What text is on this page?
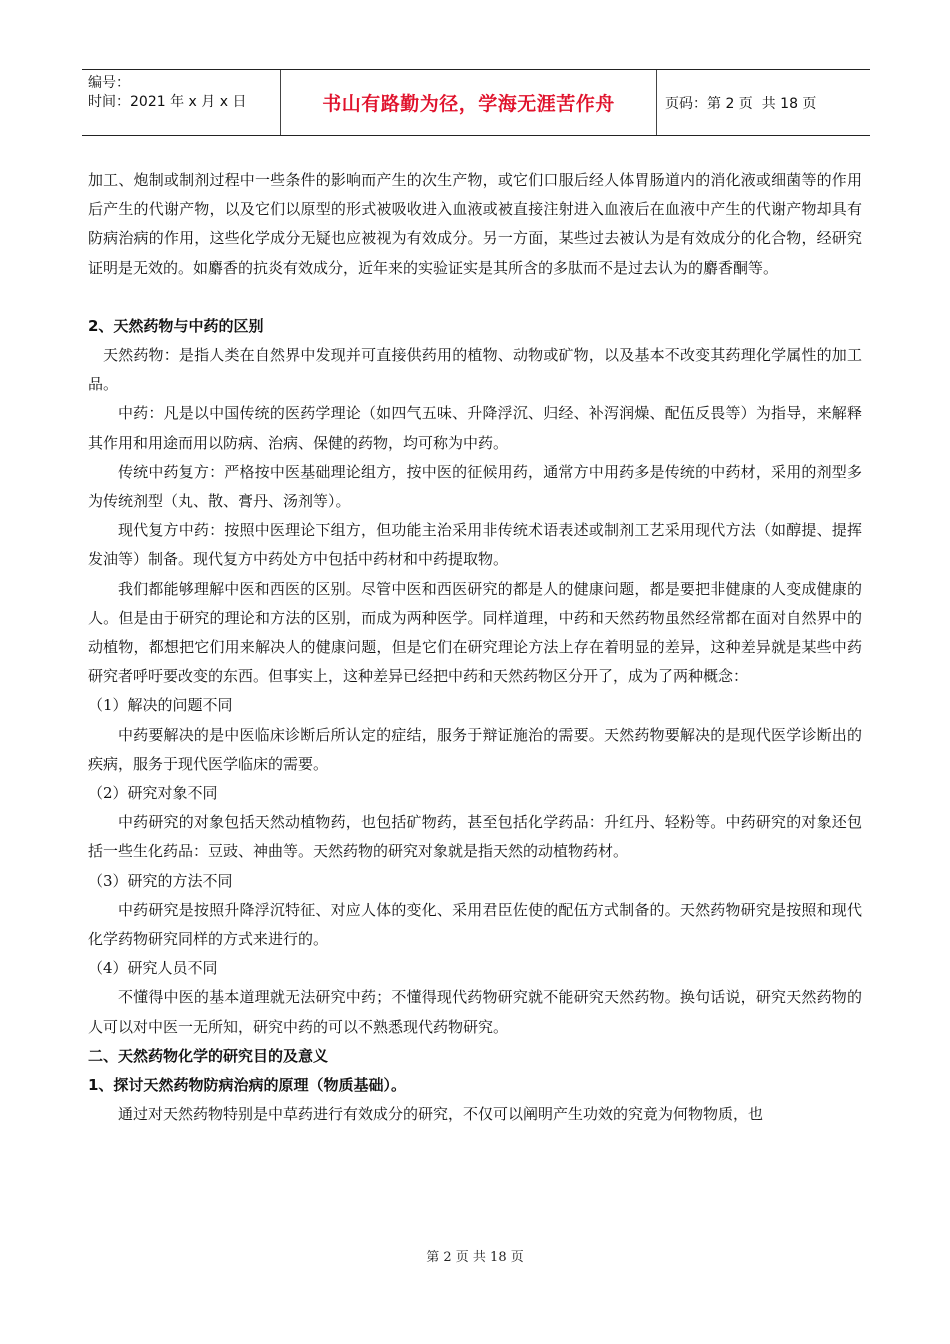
编号：
时间：2021 年 x 月 x 日	书山有路勤为径，学海无涯苦作舟	页码：第 2 页  共 18 页

加工、炮制或制剂过程中一些条件的影响而产生的次生产物，或它们口服后经人体胃肠道内的消化液或细菌等的作用后产生的代谢产物，以及它们以原型的形式被吸收进入血液或被直接注射进入血液后在血液中产生的代谢产物却具有防病治病的作用，这些化学成分无疑也应被视为有效成分。另一方面，某些过去被认为是有效成分的化合物，经研究证明是无效的。如麝香的抗炎有效成分，近年来的实验证实是其所含的多肽而不是过去认为的麝香酮等。

2、天然药物与中药的区别

天然药物：是指人类在自然界中发现并可直接供药用的植物、动物或矿物，以及基本不改变其药理化学属性的加工品。

中药：凡是以中国传统的医药学理论（如四气五味、升降浮沉、归经、补泻润燥、配伍反畏等）为指导，来解释其作用和用途而用以防病、治病、保健的药物，均可称为中药。

传统中药复方：严格按中医基础理论组方，按中医的征候用药，通常方中用药多是传统的中药材，采用的剂型多为传统剂型（丸、散、膏丹、汤剂等）。

现代复方中药：按照中医理论下组方，但功能主治采用非传统术语表述或制剂工艺采用现代方法（如醇提、提挥发油等）制备。现代复方中药处方中包括中药材和中药提取物。

我们都能够理解中医和西医的区别。尽管中医和西医研究的都是人的健康问题，都是要把非健康的人变成健康的人。但是由于研究的理论和方法的区别，而成为两种医学。同样道理，中药和天然药物虽然经常都在面对自然界中的动植物，都想把它们用来解决人的健康问题，但是它们在研究理论方法上存在着明显的差异，这种差异就是某些中药研究者呼吁要改变的东西。但事实上，这种差异已经把中药和天然药物区分开了，成为了两种概念：

（1）解决的问题不同

中药要解决的是中医临床诊断后所认定的症结，服务于辩证施治的需要。天然药物要解决的是现代医学诊断出的疾病，服务于现代医学临床的需要。

（2）研究对象不同

中药研究的对象包括天然动植物药，也包括矿物药，甚至包括化学药品：升红丹、轻粉等。中药研究的对象还包括一些生化药品：豆豉、神曲等。天然药物的研究对象就是指天然的动植物药材。

（3）研究的方法不同

中药研究是按照升降浮沉特征、对应人体的变化、采用君臣佐使的配伍方式制备的。天然药物研究是按照和现代化学药物研究同样的方式来进行的。

（4）研究人员不同

不懂得中医的基本道理就无法研究中药；不懂得现代药物研究就不能研究天然药物。换句话说，研究天然药物的人可以对中医一无所知，研究中药的可以不熟悉现代药物研究。

二、天然药物化学的研究目的及意义

1、探讨天然药物防病治病的原理（物质基础）。

通过对天然药物特别是中草药进行有效成分的研究，不仅可以阐明产生功效的究竟为何物物质，也

第 2 页 共 18 页
